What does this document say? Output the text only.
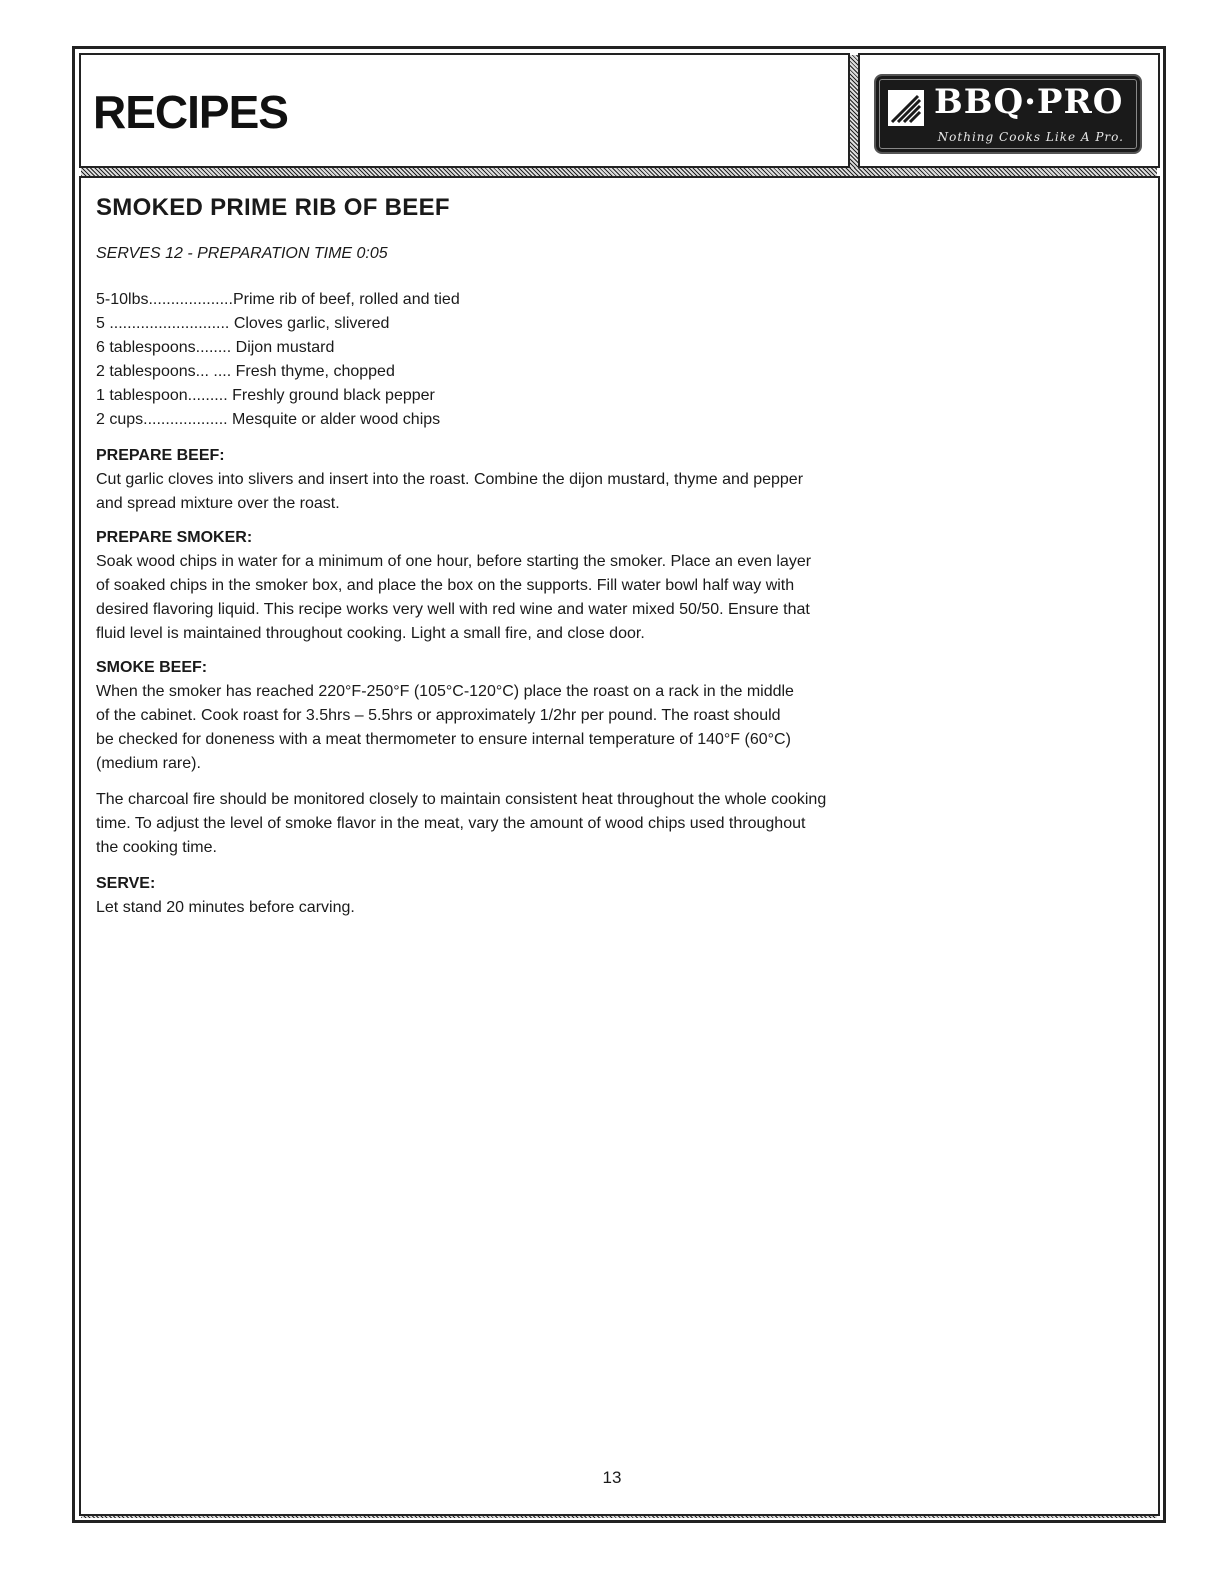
RECIPES	BBQ·PRO
Nothing Cooks Like A Pro.
SMOKED PRIME RIB OF BEEF

SERVES 12 - PREPARATION TIME 0:05

5-10lbs...................Prime rib of beef, rolled and tied
5 ........................... Cloves garlic, slivered
6 tablespoons........ Dijon mustard
2 tablespoons... .... Fresh thyme, chopped
1 tablespoon......... Freshly ground black pepper
2 cups................... Mesquite or alder wood chips
PREPARE BEEF:

Cut garlic cloves into slivers and insert into the roast. Combine the dijon mustard, thyme and pepper

and spread mixture over the roast.

PREPARE SMOKER:

Soak wood chips in water for a minimum of one hour, before starting the smoker. Place an even layer

of soaked chips in the smoker box, and place the box on the supports. Fill water bowl half way with

desired flavoring liquid. This recipe works very well with red wine and water mixed 50/50. Ensure that

fluid level is maintained throughout cooking. Light a small fire, and close door.

SMOKE BEEF:

When the smoker has reached 220°F-250°F (105°C-120°C) place the roast on a rack in the middle

of the cabinet. Cook roast for 3.5hrs – 5.5hrs or approximately 1/2hr per pound. The roast should

be checked for doneness with a meat thermometer to ensure internal temperature of 140°F (60°C)

(medium rare).

The charcoal fire should be monitored closely to maintain consistent heat throughout the whole cooking

time. To adjust the level of smoke flavor in the meat, vary the amount of wood chips used throughout

the cooking time.

SERVE:

Let stand 20 minutes before carving.

13
